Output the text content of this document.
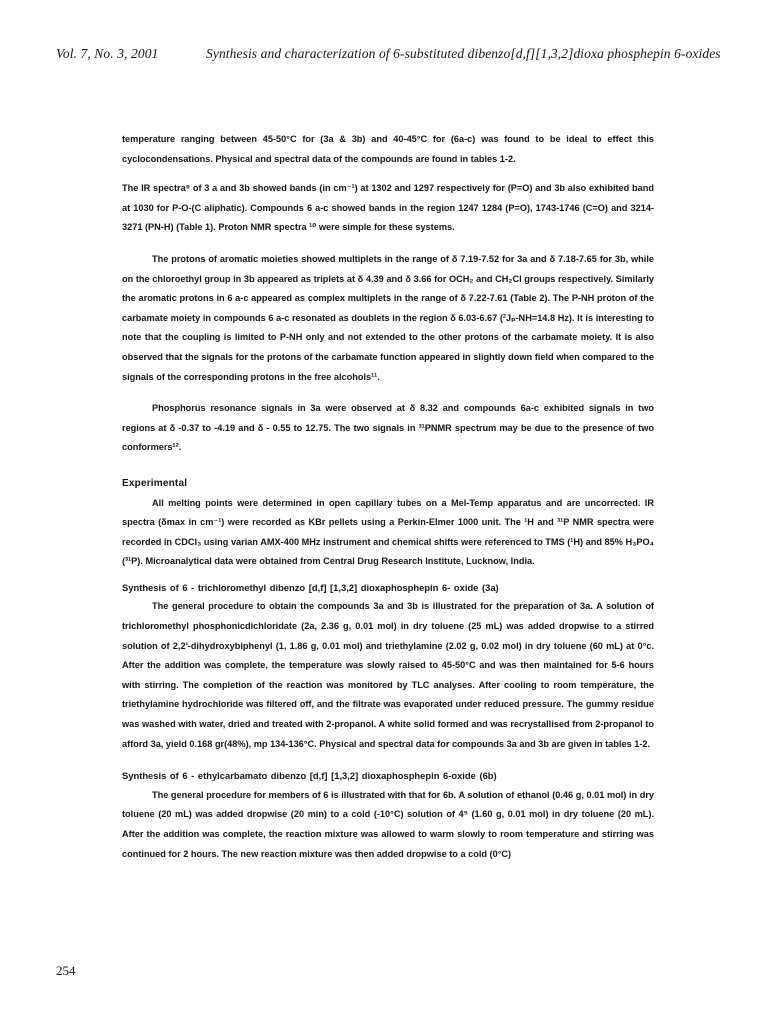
Vol. 7, No. 3, 2001	Synthesis and characterization of 6-substituted dibenzo[d,f][1,3,2]dioxa phosphepin 6-oxides

temperature ranging between 45-50°C for (3a & 3b) and 40-45°C for (6a-c) was found to be ideal to effect this cyclocondensations. Physical and spectral data of the compounds are found in tables 1-2.

The IR spectra⁹ of 3 a and 3b showed bands (in cm⁻¹) at 1302 and 1297 respectively for (P=O) and 3b also exhibited band at 1030 for P-O-(C aliphatic). Compounds 6 a-c showed bands in the region 1247 1284 (P=O), 1743-1746 (C=O) and 3214-3271 (PN-H) (Table 1). Proton NMR spectra ¹⁰ were simple for these systems.

The protons of aromatic moieties showed multiplets in the range of δ 7.19-7.52 for 3a and δ 7.18-7.65 for 3b, while on the chloroethyl group in 3b appeared as triplets at δ 4.39 and δ 3.66 for OCH₂ and CH₂Cl groups respectively. Similarly the aromatic protons in 6 a-c appeared as complex multiplets in the range of δ 7.22-7.61 (Table 2). The P-NH proton of the carbamate moiety in compounds 6 a-c resonated as doublets in the region δ 6.03-6.67 (²Jₚ-NH=14.8 Hz). It is interesting to note that the coupling is limited to P-NH only and not extended to the other protons of the carbamate moiety. It is also observed that the signals for the protons of the carbamate function appeared in slightly down field when compared to the signals of the corresponding protons in the free alcohols¹¹.

Phosphorus resonance signals in 3a were observed at δ 8.32 and compounds 6a-c exhibited signals in two regions at δ -0.37 to -4.19 and δ - 0.55 to 12.75. The two signals in ³¹PNMR spectrum may be due to the presence of two conformers¹².

Experimental

All melting points were determined in open capillary tubes on a Mel-Temp apparatus and are uncorrected. IR spectra (δmax in cm⁻¹) were recorded as KBr pellets using a Perkin-Elmer 1000 unit. The ¹H and ³¹P NMR spectra were recorded in CDCl₃ using varian AMX-400 MHz instrument and chemical shifts were referenced to TMS (¹H) and 85% H₃PO₄ (³¹P). Microanalytical data were obtained from Central Drug Research Institute, Lucknow, India.

Synthesis of 6 - trichloromethyl dibenzo [d,f] [1,3,2] dioxaphosphepin 6- oxide (3a)

The general procedure to obtain the compounds 3a and 3b is illustrated for the preparation of 3a. A solution of trichloromethyl phosphonicdichloridate (2a, 2.36 g, 0.01 mol) in dry toluene (25 mL) was added dropwise to a stirred solution of 2,2'-dihydroxybiphenyl (1, 1.86 g, 0.01 mol) and triethylamine (2.02 g, 0.02 mol) in dry toluene (60 mL) at 0°c. After the addition was complete, the temperature was slowly raised to 45-50°C and was then maintained for 5-6 hours with stirring. The completion of the reaction was monitored by TLC analyses. After cooling to room temperature, the triethylamine hydrochloride was filtered off, and the filtrate was evaporated under reduced pressure. The gummy residue was washed with water, dried and treated with 2-propanol. A white solid formed and was recrystallised from 2-propanol to afford 3a, yield 0.168 gr(48%), mp 134-136°C. Physical and spectral data for compounds 3a and 3b are given in tables 1-2.

Synthesis of 6 - ethylcarbamato dibenzo [d,f] [1,3,2] dioxaphosphepin 6-oxide (6b)

The general procedure for members of 6 is illustrated with that for 6b. A solution of ethanol (0.46 g, 0.01 mol) in dry toluene (20 mL) was added dropwise (20 min) to a cold (-10°C) solution of 4⁵ (1.60 g, 0.01 mol) in dry toluene (20 mL). After the addition was complete, the reaction mixture was allowed to warm slowly to room temperature and stirring was continued for 2 hours. The new reaction mixture was then added dropwise to a cold (0°C)

254
